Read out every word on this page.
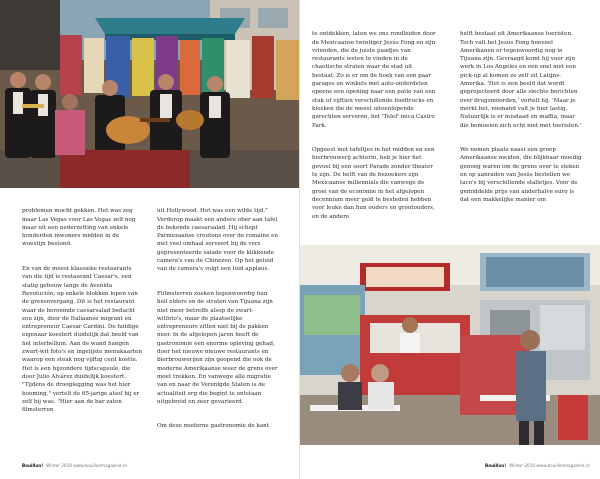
problemen mocht gokken. Het was zeg maar Las Vegas voor Las Vegas zelf nog maar uit een nederzetting van enkele honderden inwoners midden in de woestijn bestond.

En van de meest klassieke restaurants van die tijd is restaurant Caesar's, een statig gebouw langs de Avenida Revolución, op enkele blokken lopen van de grensovergang. Dit is het restaurant waar de beroemde caesarsalad bedacht zou zijn, door de Italiaanse migrant en entrepreneur Caesar Cardini. De huidige eigenaar koestert duidelijk dat beeld van het interbellum. Aan de wand hangen zwart-wit foto's en ingelijste menukaarten waarop een steak nog vijftig cent kostte. Het is een bijzondere tijdscapsule, die door Julio Alvarez duidelijk koestert. "Tijdens de drooglegging was het hier booming," vertelt de 65-jarige alsof hij er zelf bij was. "Hier aan de bar zaten filmsterren

uit Hollywood. Het was een wilde tijd." Verderop maakt een andere ober aan tafel de bekende caesarsalad. Hij schept Parmezaanse croutons over de romaine en met veel omhaal serveert hij de vers gepresenteerde salade voor de klikkende camera's van de Chinezen. Op het geluid van de camera's volgt een luid applaus.

Fiilmsterren zoeken tegenwoordig hun heil elders en de straten van Tijuana zijn niet meer betreffe alsop de zwart-witfoto's, maar de plaatselijke entrepreneurs zitten niet bij de pakken neer. In de afgelopen jaren heeft de gastronomie een enorme opleving gehad, door het nieuwe nieuwe restaurants en bierbrouwerijen zijn geopend die ook de moderne Amerikaanse weer de grens over moet trekken. En vanwege alle migratie van en naar de Verenigde Staten is de actualiteit erg die begint te ontstaan uitgebreid en zeer gevarieerd.

Om deze moderne gastronomie de kant

Bouillon! Winter 2018 www.bouillonmagazine.nl

te ontdekken, laten we ons rondleiden door de Mexicaanse twintiger Jesús Fong en zijn vrienden, die de juiste paadjes van restaurants weten te vinden in de chaotische straten waar de stad uit bestaat. Zo is er om de hoek van een paar garages en winkels met auto-onderdelen opeens een opening naar een patio van een stuk of vijftien verschillende foodtrucks en kiosken die de meest uiteenlopende gerechten serveren, het 'Telef' mica Castro Park.

Opgeest met tafeltjes in het midden en een bierbrouwerij achterin, heb je hier het gevoel bij een soort Parade zonder theater te zijn. De helft van de bezoekers zijn Mexicaanse millennials die vanwege de groei van de economie in het afgelopen decennium meer geld te besteden hebben voor leuke dan hun ouders en grootouders, en de andere

helft bestaat uit Amerikaanse toeristen. Toch valt het Jesús Fong hoeveel Amerikanen er tegenwoordig nog in Tijuana zijn. Gevraagd komt hij voor zijn werk in Los Angeles en een snel met een pick-up al komen ze zelf uit Latijns-Amerika. 'Het is een beeld dat wordt geprojecteerd door alle slechte berichten over drugsmoorden,' vertelt hij. 'Maar je merkt het, niemand valt je hier lastig. Natuurlijk is er misdaad en maffia, maar die bemoeien zich echt niet met toeristen.'

We nemen plaats naast een groep Amerikaanse meiden, die blijkbaar moedig genoeg waren om de grens over te steken en op aanraden van Jesús bestellen we taco's bij verschillende stalletjes. Voor de gemiddelde prijs van anderhalve euro is dat een makkelijke manier om

Bouillon! Winter 2018 www.bouillonmagazine.nl
